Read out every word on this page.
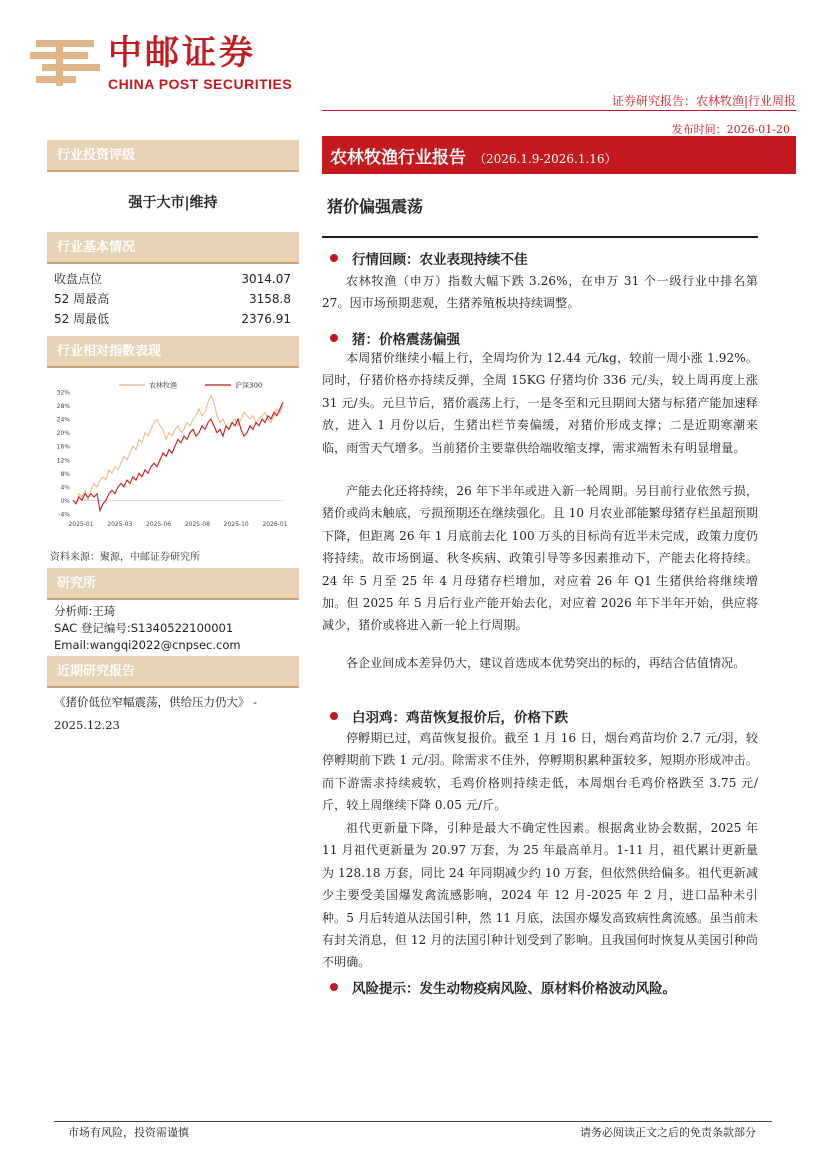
中邮证券
CHINA POST SECURITIES
证券研究报告：农林牧渔|行业周报
发布时间：2026-01-20
农林牧渔行业报告 （2026.1.9-2026.1.16）
行业投资评级
强于大市|维持
行业基本情况
收盘点位	3014.07
52 周最高	3158.8
52 周最低	2376.91
行业相对指数表现
32%
28%
24%
20%
16%
12%
8%
4%
0%
-4%
2025-01 2025-03 2025-06 2025-08 2025-10 2026-01
农林牧渔	沪深300
资料来源：聚源，中邮证券研究所
研究所
分析师:王琦
SAC 登记编号:S1340522100001
Email:wangqi2022@cnpsec.com
近期研究报告
《猪价低位窄幅震荡，供给压力仍大》 - 2025.12.23
猪价偏强震荡
行情回顾：农业表现持续不佳
农林牧渔（申万）指数大幅下跌 3.26%，在申万 31 个一级行业中排名第 27。因市场预期悲观，生猪养殖板块持续调整。
猪：价格震荡偏强
本周猪价继续小幅上行，全周均价为 12.44 元/kg，较前一周小涨 1.92%。同时，仔猪价格亦持续反弹，全周 15KG 仔猪均价 336 元/头，较上周再度上涨 31 元/头。元旦节后，猪价震荡上行，一是冬至和元旦期间大猪与标猪产能加速释放，进入 1 月份以后，生猪出栏节奏偏缓，对猪价形成支撑；二是近期寒潮来临，雨雪天气增多。当前猪价主要靠供给端收缩支撑，需求端暂未有明显增量。
产能去化还将持续，26 年下半年或进入新一轮周期。另目前行业依然亏损，猪价或尚未触底，亏损预期还在继续强化。且 10 月农业部能繁母猪存栏虽超预期下降，但距离 26 年 1 月底前去化 100 万头的目标尚有近半未完成，政策力度仍将持续。故市场倒逼、秋冬疾病、政策引导等多因素推动下，产能去化将持续。24 年 5 月至 25 年 4 月母猪存栏增加，对应着 26 年 Q1 生猪供给将继续增加。但 2025 年 5 月后行业产能开始去化，对应着 2026 年下半年开始，供应将减少，猪价或将进入新一轮上行周期。
各企业间成本差异仍大，建议首选成本优势突出的标的，再结合估值情况。
白羽鸡：鸡苗恢复报价后，价格下跌
停孵期已过，鸡苗恢复报价。截至 1 月 16 日，烟台鸡苗均价 2.7 元/羽，较停孵期前下跌 1 元/羽。除需求不佳外，停孵期积累种蛋较多，短期亦形成冲击。而下游需求持续疲软，毛鸡价格则持续走低，本周烟台毛鸡价格跌至 3.75 元/斤，较上周继续下降 0.05 元/斤。
祖代更新量下降，引种是最大不确定性因素。根据禽业协会数据，2025 年 11 月祖代更新量为 20.97 万套，为 25 年最高单月。1-11 月，祖代累计更新量为 128.18 万套，同比 24 年同期减少约 10 万套，但依然供给偏多。祖代更新减少主要受美国爆发禽流感影响，2024 年 12 月-2025 年 2 月，进口品种未引种。5 月后转道从法国引种，然 11 月底，法国亦爆发高致病性禽流感。虽当前未有封关消息，但 12 月的法国引种计划受到了影响。且我国何时恢复从美国引种尚不明确。
风险提示：发生动物疫病风险、原材料价格波动风险。
市场有风险，投资需谨慎	请务必阅读正文之后的免责条款部分
